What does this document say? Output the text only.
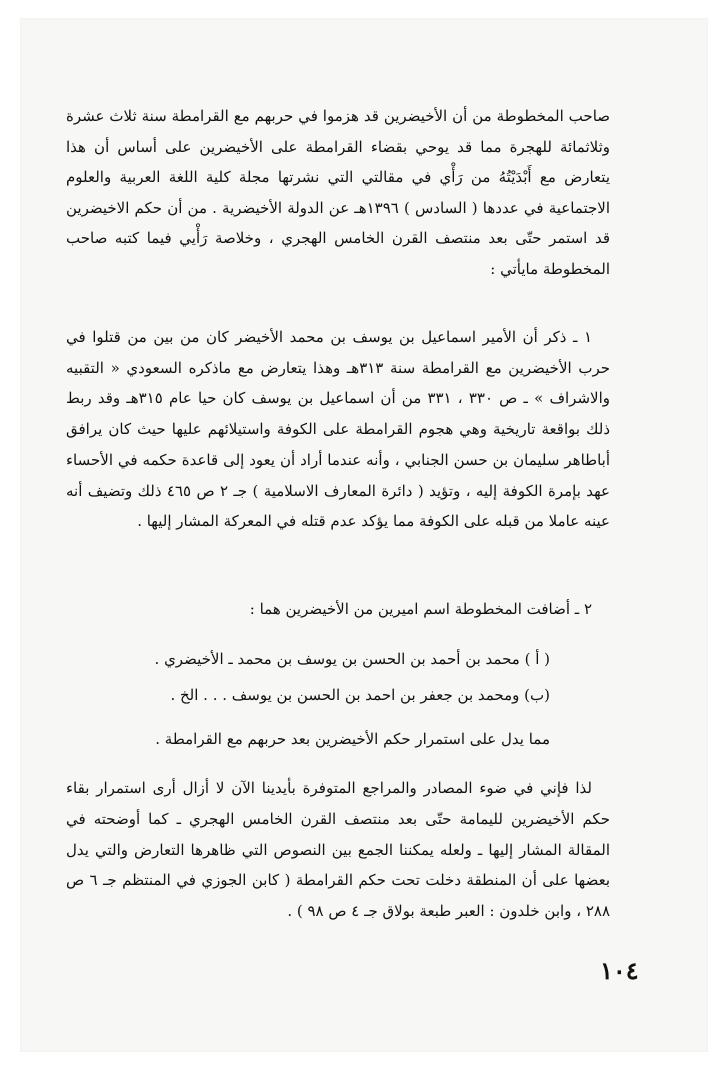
صاحب المخطوطة من أن الأخيضرين قد هزموا في حربهم مع القرامطة سنة ثلاث عشرة وثلاثمائة للهجرة مما قد يوحي بقضاء القرامطة على الأخيضرين على أساس أن هذا يتعارض مع أَبْدَيْتُهُ من رَأْي في مقالتي التي نشرتها مجلة كلية اللغة العربية والعلوم الاجتماعية في عددها ( السادس ) ١٣٩٦هـ عن الدولة الأخيضرية . من أن حكم الاخيضرين قد استمر حتّى بعد منتصف القرن الخامس الهجري ، وخلاصة رَأْيي فيما كتبه صاحب المخطوطة مايأتي :

١ ـ ذكر أن الأمير اسماعيل بن يوسف بن محمد الأخيضر كان من بين من قتلوا في حرب الأخيضرين مع القرامطة سنة ٣١٣هـ وهذا يتعارض مع ماذكره السعودي « التقبيه والاشراف » ـ ص ٣٣٠ ، ٣٣١ من أن اسماعيل بن يوسف كان حيا عام ٣١٥هـ وقد ربط ذلك بواقعة تاريخية وهي هجوم القرامطة على الكوفة واستيلائهم عليها حيث كان يرافق أباطاهر سليمان بن حسن الجنابي ، وأنه عندما أراد أن يعود إلى قاعدة حكمه في الأحساء عهد بإمرة الكوفة إليه ، وتؤيد ( دائرة المعارف الاسلامية ) جـ ٢ ص ٤٦٥ ذلك وتضيف أنه عينه عاملا من قبله على الكوفة مما يؤكد عدم قتله في المعركة المشار إليها .

٢ ـ أضافت المخطوطة اسم اميرين من الأخيضرين هما :
( أ ) محمد بن أحمد بن الحسن بن يوسف بن محمد ـ الأخيضري .
(ب) ومحمد بن جعفر بن احمد بن الحسن بن يوسف . . . الخ .
مما يدل على استمرار حكم الأخيضرين بعد حربهم مع القرامطة .

لذا فإني في ضوء المصادر والمراجع المتوفرة بأيدينا الآن لا أزال أرى استمرار بقاء حكم الأخيضرين لليمامة حتّى بعد منتصف القرن الخامس الهجري ـ كما أوضحته في المقالة المشار إليها ـ ولعله يمكننا الجمع بين النصوص التي ظاهرها التعارض والتي يدل بعضها على أن المنطقة دخلت تحت حكم القرامطة ( كابن الجوزي في المنتظم جـ ٦ ص ٢٨٨ ، وابن خلدون : العبر طبعة بولاق جـ ٤ ص ٩٨ ) .

١٠٤
